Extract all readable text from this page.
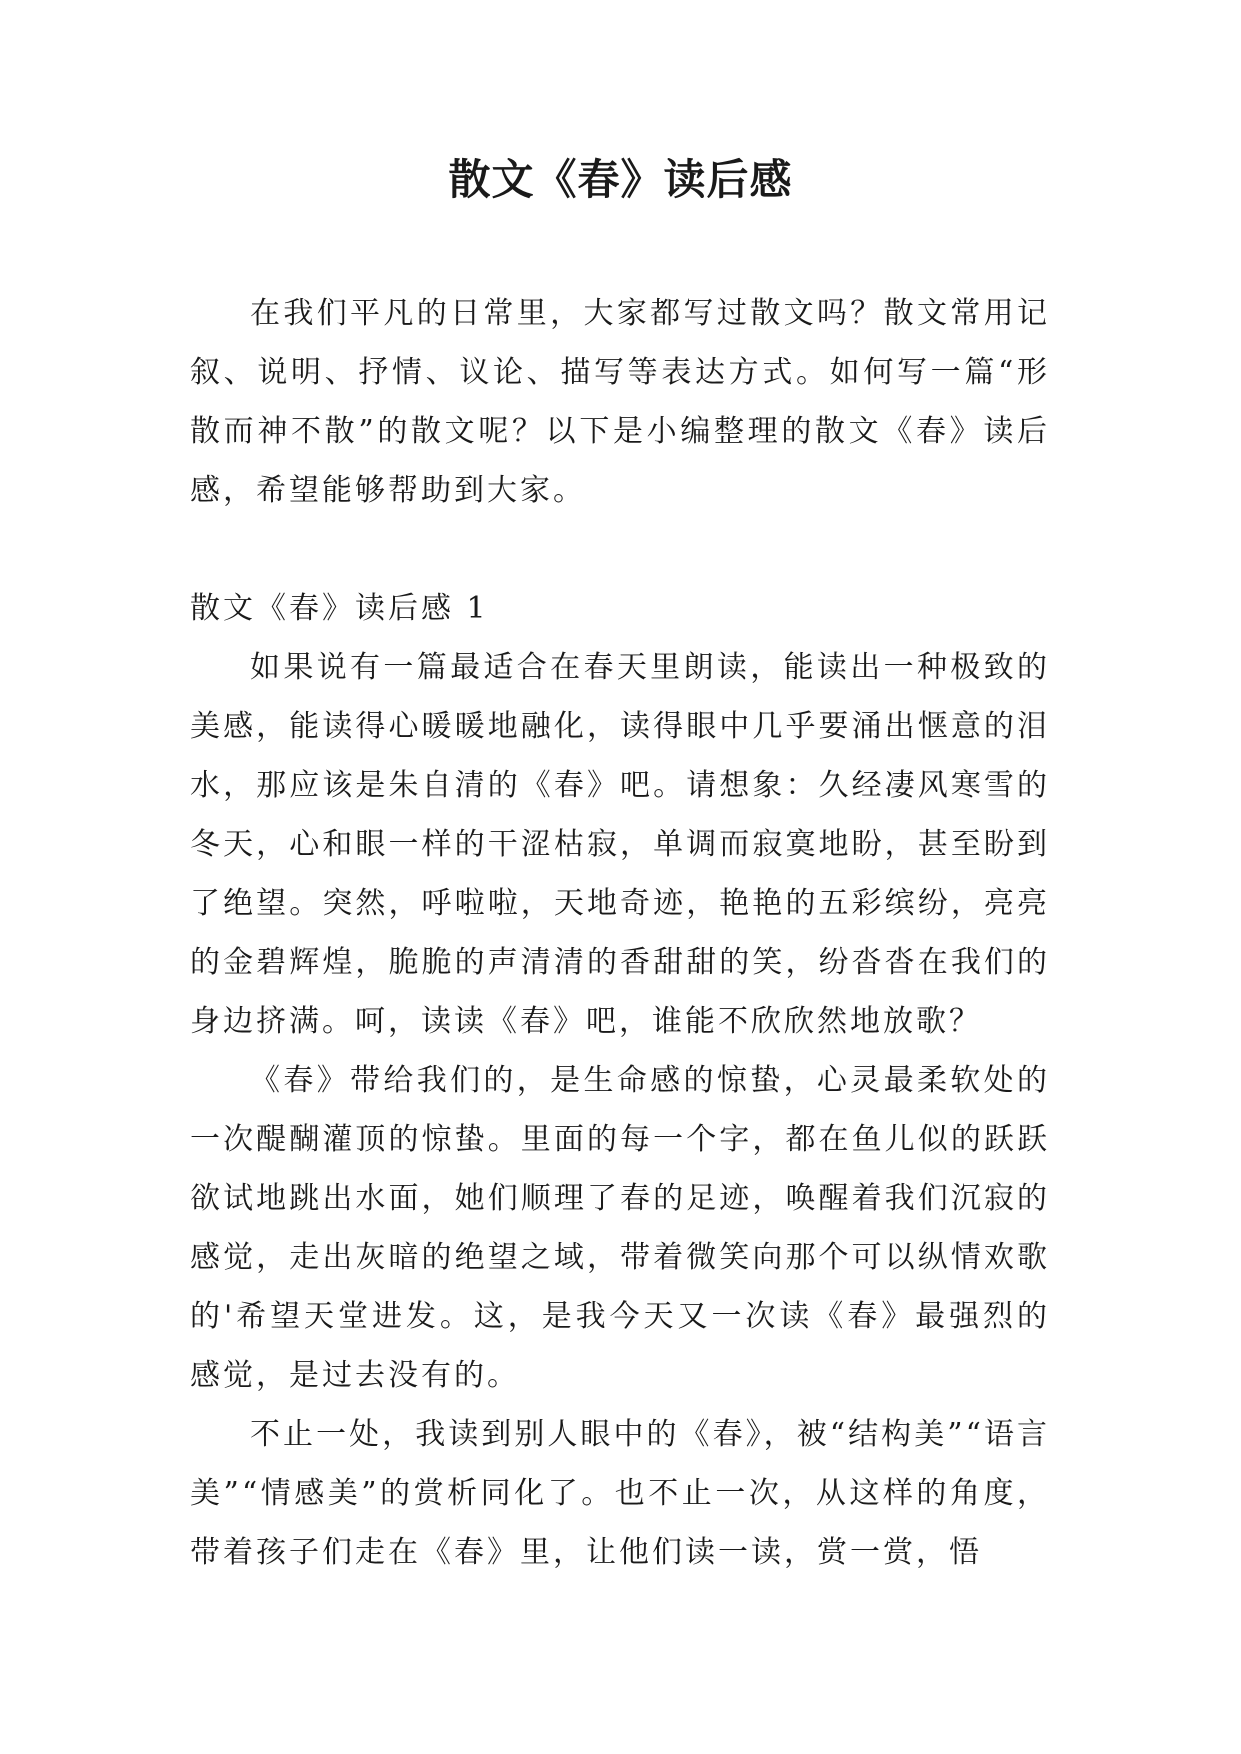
散文《春》读后感

在我们平凡的日常里，大家都写过散文吗？散文常用记叙、说明、抒情、议论、描写等表达方式。如何写一篇“形散而神不散”的散文呢？以下是小编整理的散文《春》读后感，希望能够帮助到大家。

散文《春》读后感 1

如果说有一篇最适合在春天里朗读，能读出一种极致的美感，能读得心暖暖地融化，读得眼中几乎要涌出惬意的泪水，那应该是朱自清的《春》吧。请想象：久经凄风寒雪的冬天，心和眼一样的干涩枯寂，单调而寂寞地盼，甚至盼到了绝望。突然，呼啦啦，天地奇迹，艳艳的五彩缤纷，亮亮的金碧辉煌，脆脆的声清清的香甜甜的笑，纷沓沓在我们的身边挤满。呵，读读《春》吧，谁能不欣欣然地放歌？

《春》带给我们的，是生命感的惊蛰，心灵最柔软处的一次醍醐灌顶的惊蛰。里面的每一个字，都在鱼儿似的跃跃欲试地跳出水面，她们顺理了春的足迹，唤醒着我们沉寂的感觉，走出灰暗的绝望之域，带着微笑向那个可以纵情欢歌的'希望天堂进发。这，是我今天又一次读《春》最强烈的感觉，是过去没有的。

不止一处，我读到别人眼中的《春》，被“结构美”“语言美”“情感美”的赏析同化了。也不止一次，从这样的角度，带着孩子们走在《春》里，让他们读一读，赏一赏，悟
